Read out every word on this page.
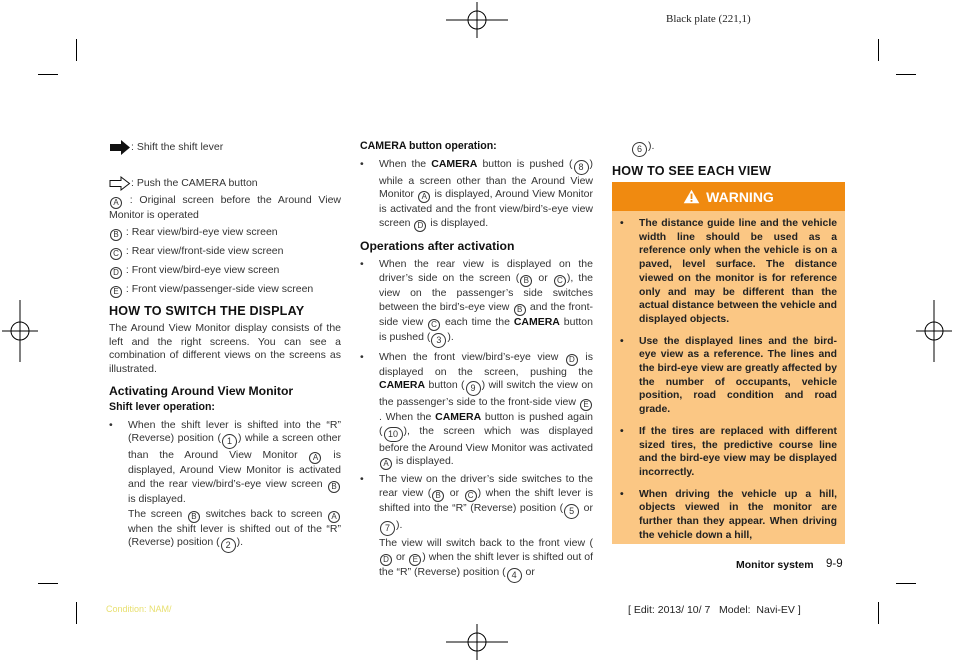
Black plate (221,1)
: Shift the shift lever
: Push the CAMERA button

A : Original screen before the Around View Monitor is operated

B : Rear view/bird-eye view screen

C : Rear view/front-side view screen

D : Front view/bird-eye view screen

E : Front view/passenger-side view screen

HOW TO SWITCH THE DISPLAY

The Around View Monitor display consists of the left and the right screens. You can see a combination of different views on the screens as illustrated.

Activating Around View Monitor

Shift lever operation:

• When the shift lever is shifted into the “R” (Reverse) position ( 1 ) while a screen other than the Around View Monitor A is displayed, Around View Monitor is activated and the rear view/bird’s-eye view screen B is displayed.
The screen B switches back to screen A when the shift lever is shifted out of the “R” (Reverse) position ( 2 ).

CAMERA button operation:

• When the CAMERA button is pushed ( 8 ) while a screen other than the Around View Monitor A is displayed, Around View Monitor is activated and the front view/bird’s-eye view screen D is displayed.

Operations after activation

• When the rear view is displayed on the driver’s side on the screen ( B or C ), the view on the passenger’s side switches between the bird’s-eye view B and the front-side view C each time the CAMERA button is pushed ( 3 ).
• When the front view/bird’s-eye view D is displayed on the screen, pushing the CAMERA button ( 9 ) will switch the view on the passenger’s side to the front-side view E. When the CAMERA button is pushed again ( 10 ), the screen which was displayed before the Around View Monitor was activated A is displayed.
• The view on the driver’s side switches to the rear view ( B or C ) when the shift lever is shifted into the “R” (Reverse) position ( 5 or 7 ).
The view will switch back to the front view (D or E ) when the shift lever is shifted out of the “R” (Reverse) position ( 4 or

6 ).

HOW TO SEE EACH VIEW

WARNING
• The distance guide line and the vehicle width line should be used as a reference only when the vehicle is on a paved, level surface. The distance viewed on the monitor is for reference only and may be different than the actual distance between the vehicle and displayed objects.
• Use the displayed lines and the bird-eye view as a reference. The lines and the bird-eye view are greatly affected by the number of occupants, vehicle position, road condition and road grade.
• If the tires are replaced with different sized tires, the predictive course line and the bird-eye view may be displayed incorrectly.
• When driving the vehicle up a hill, objects viewed in the monitor are further than they appear. When driving the vehicle down a hill,
Monitor system 9-9
Condition: NAM/	[ Edit: 2013/ 10/ 7   Model:  Navi-EV ]
